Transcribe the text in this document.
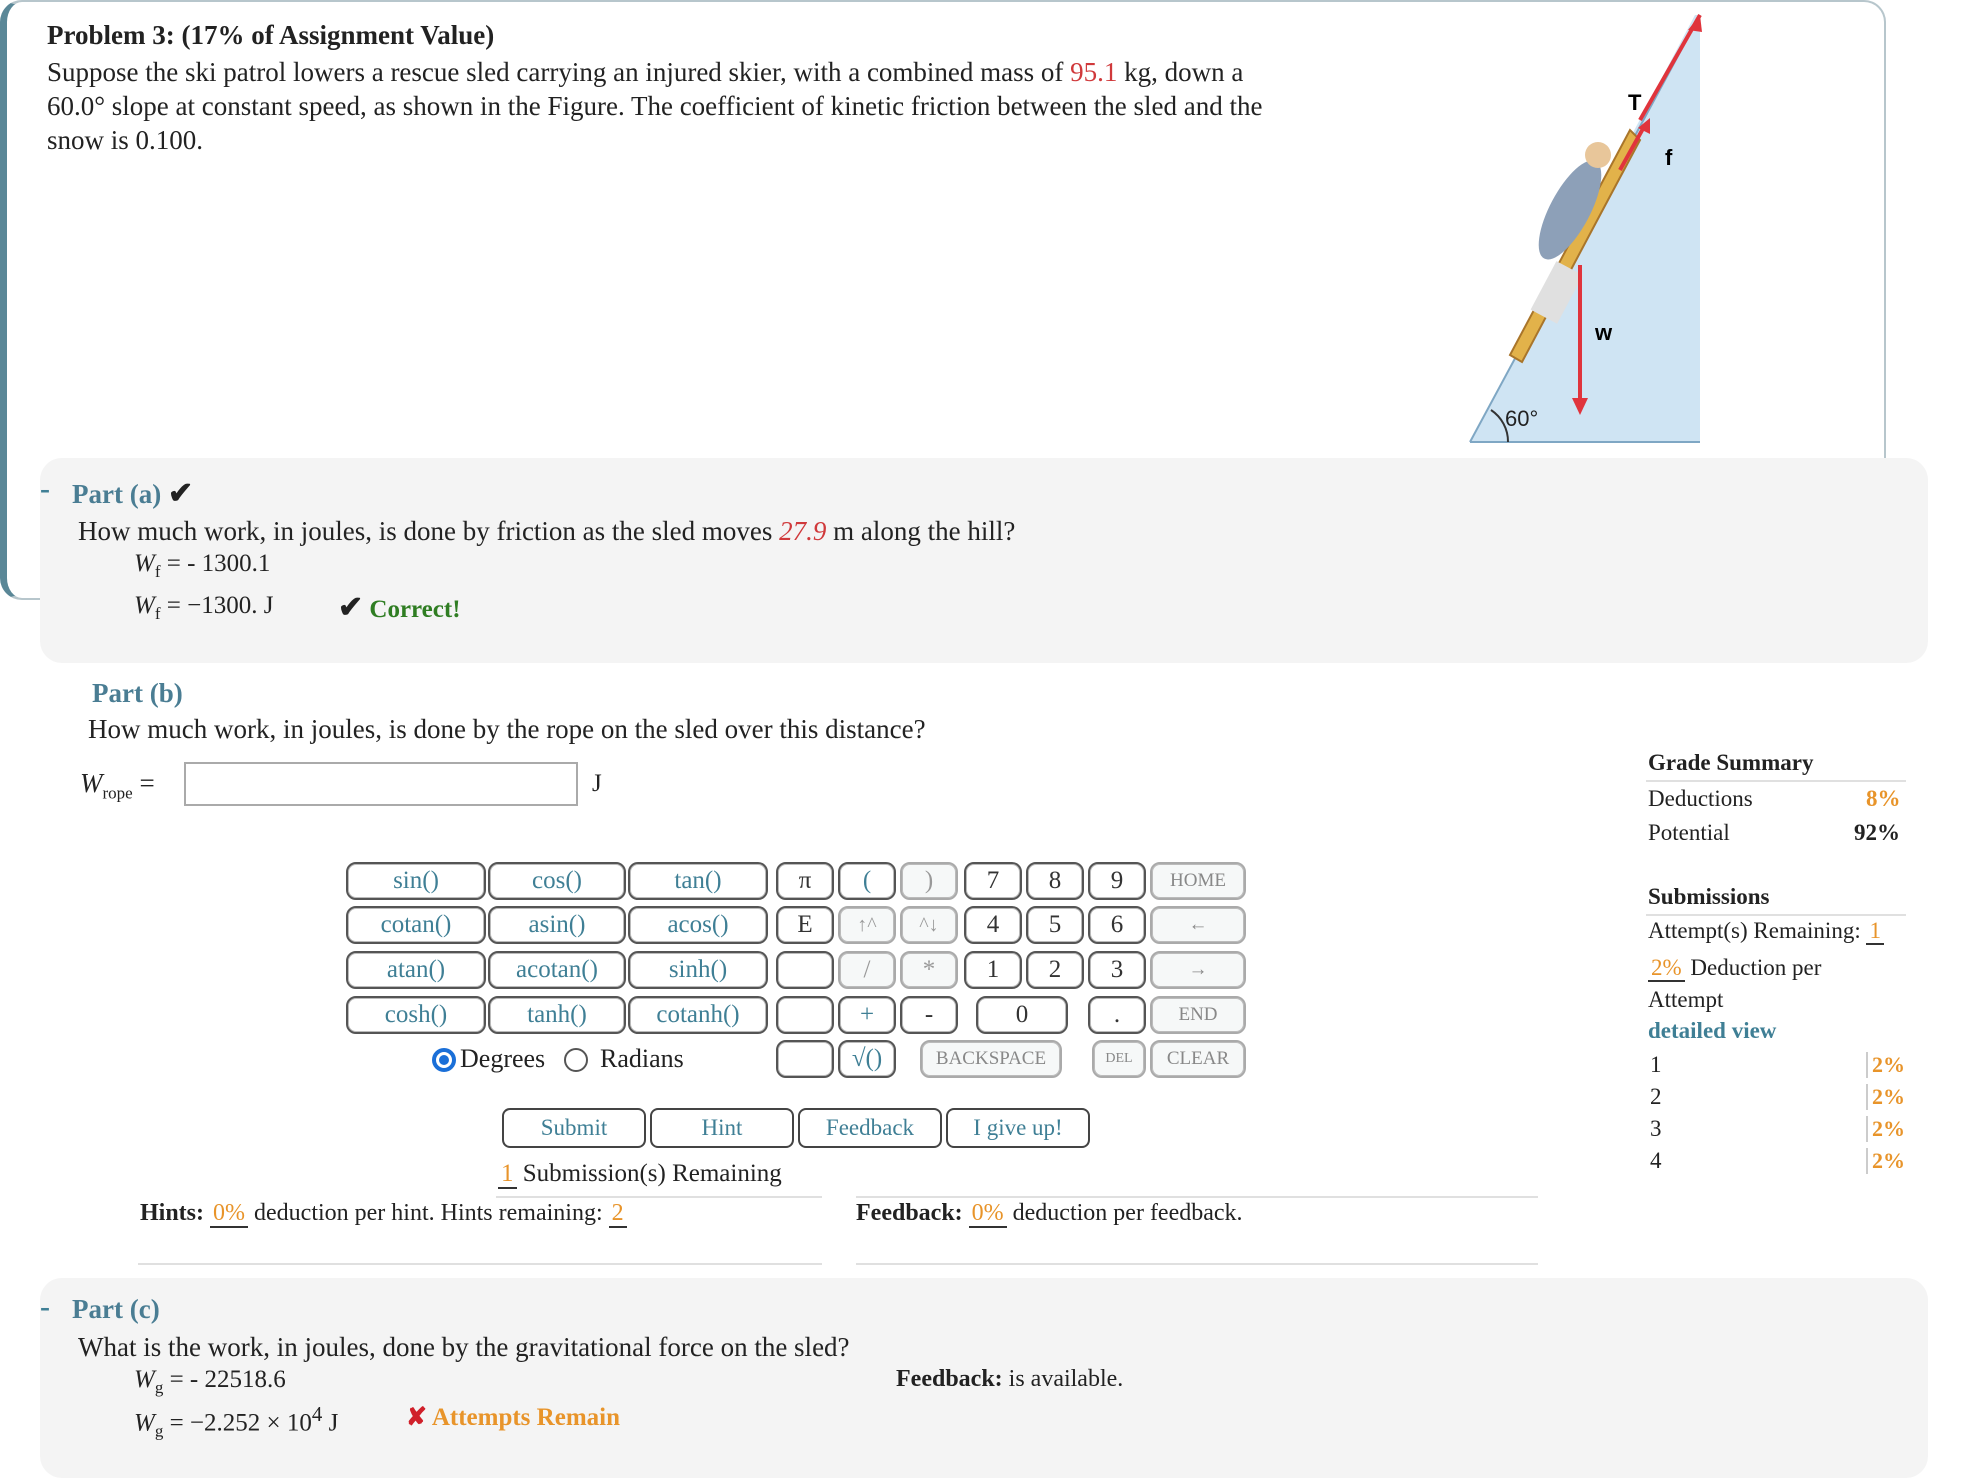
Problem 3: (17% of Assignment Value)
Suppose the ski patrol lowers a rescue sled carrying an injured skier, with a combined mass of 95.1 kg, down a 60.0° slope at constant speed, as shown in the Figure. The coefficient of kinetic friction between the sled and the snow is 0.100.
60°
T
f
w
- Part (a) ✔
How much work, in joules, is done by friction as the sled moves 27.9 m along the hill?
$W_f$ = - 1300.1
$W_f = -1300$. J ✔ Correct!
Part (b)
How much work, in joules, is done by the rope on the sled over this distance?
$W_{rope}$ =	J
sin()	cos()	tan()
cotan()	asin()	acos()
atan()	acotan()	sinh()
cosh()	tanh()	cotanh()
π	(	)
E	↑^	^↓
/	*
+	-
√()
7	8	9
4	5	6
1	2	3
0	.
HOME
←
→
END
BACKSPACE	DEL	CLEAR
Degrees Radians
Submit	Hint	Feedback	I give up!
1 Submission(s) Remaining
Hints: 0% deduction per hint. Hints remaining: 2	Feedback: 0% deduction per feedback.
Grade Summary
Deductions	8%
Potential	92%
Submissions
Attempt(s) Remaining: 1
2% Deduction per Attempt
detailed view
1	2%
2	2%
3	2%
4	2%
- Part (c)
What is the work, in joules, done by the gravitational force on the sled?
$W_g$ = - 22518.6
$W_g = -2.252 \times 10^4$ J	✘ Attempts Remain
Feedback: is available.
